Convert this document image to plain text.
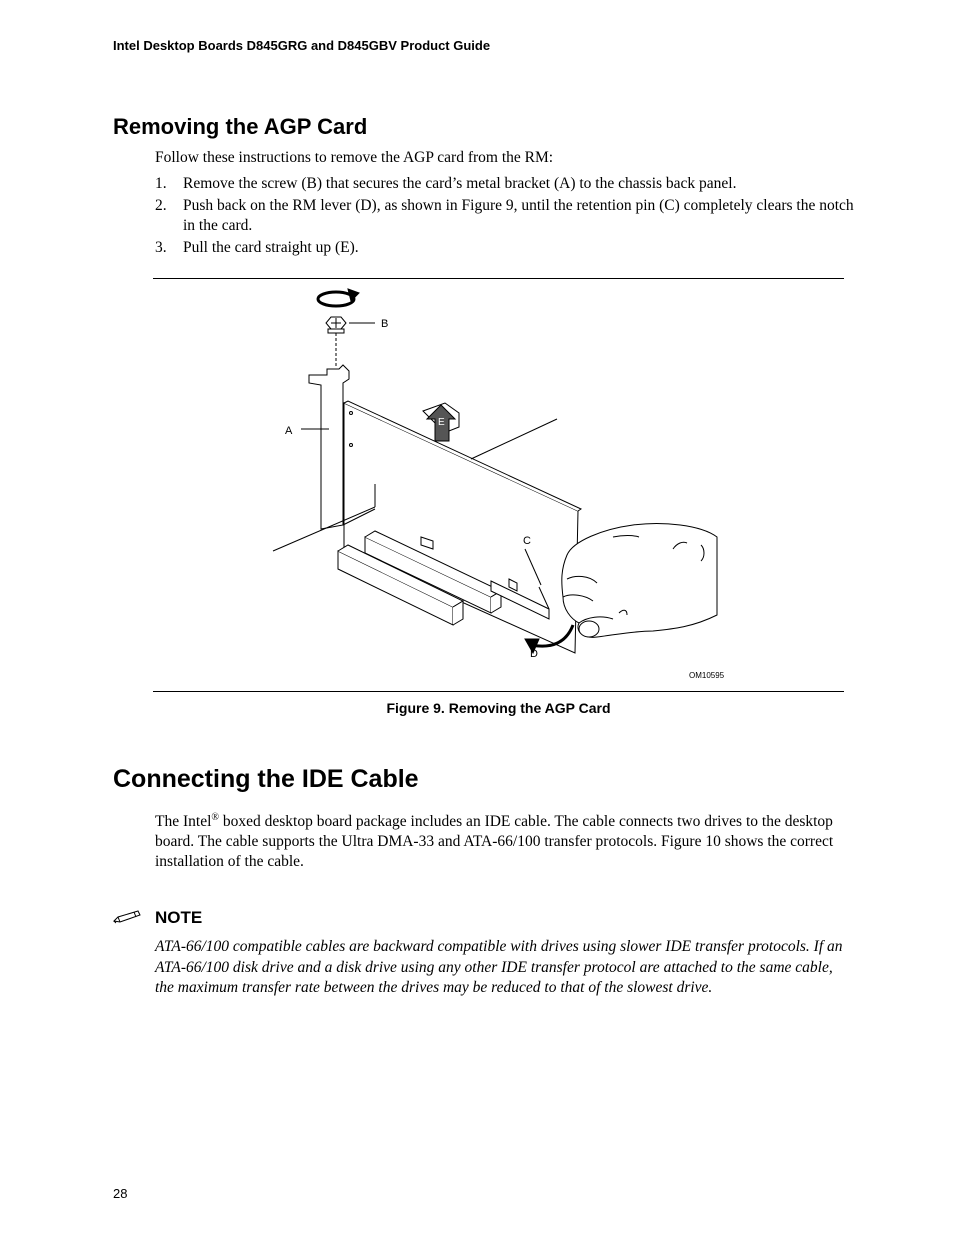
Intel Desktop Boards D845GRG and D845GBV Product Guide
Removing the AGP Card
Follow these instructions to remove the AGP card from the RM:
1. Remove the screw (B) that secures the card’s metal bracket (A) to the chassis back panel.
2. Push back on the RM lever (D), as shown in Figure 9, until the retention pin (C) completely clears the notch in the card.
3. Pull the card straight up (E).
B
A
C
D
E
OM10595
Figure 9. Removing the AGP Card
Connecting the IDE Cable
The Intel® boxed desktop board package includes an IDE cable. The cable connects two drives to the desktop board. The cable supports the Ultra DMA-33 and ATA-66/100 transfer protocols. Figure 10 shows the correct installation of the cable.
NOTE
ATA-66/100 compatible cables are backward compatible with drives using slower IDE transfer protocols. If an ATA-66/100 disk drive and a disk drive using any other IDE transfer protocol are attached to the same cable, the maximum transfer rate between the drives may be reduced to that of the slowest drive.
28
